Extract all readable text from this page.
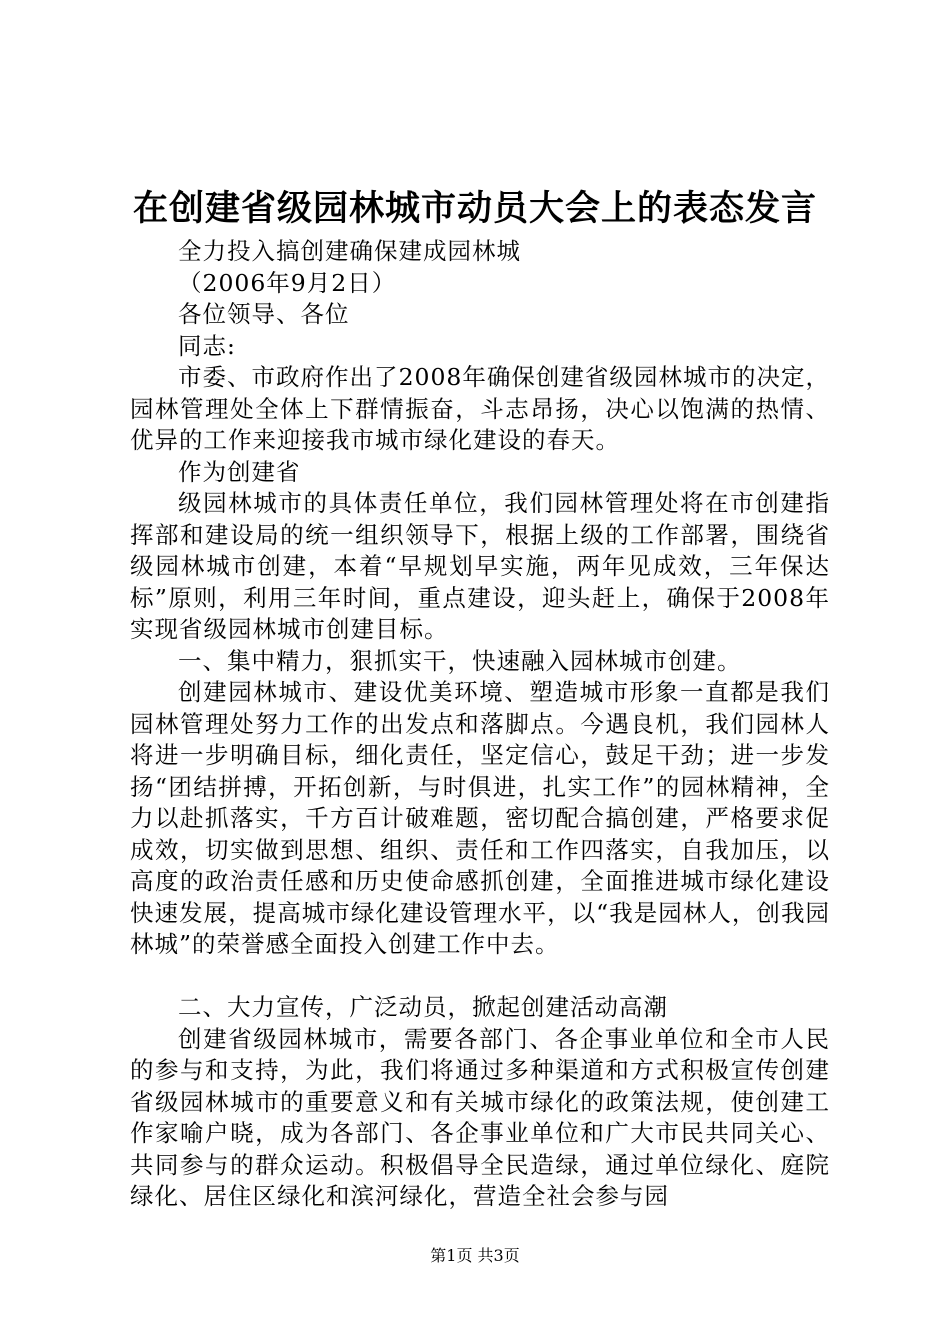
在创建省级园林城市动员大会上的表态发言

全力投入搞创建确保建成园林城

（2006年9月2日）

各位领导、各位

同志:

市委、市政府作出了2008年确保创建省级园林城市的决定，园林管理处全体上下群情振奋，斗志昂扬，决心以饱满的热情、优异的工作来迎接我市城市绿化建设的春天。

作为创建省

级园林城市的具体责任单位，我们园林管理处将在市创建指挥部和建设局的统一组织领导下，根据上级的工作部署，围绕省级园林城市创建，本着“早规划早实施，两年见成效，三年保达标”原则，利用三年时间，重点建设，迎头赶上，确保于2008年实现省级园林城市创建目标。

一、集中精力，狠抓实干，快速融入园林城市创建。

创建园林城市、建设优美环境、塑造城市形象一直都是我们园林管理处努力工作的出发点和落脚点。今遇良机，我们园林人将进一步明确目标，细化责任，坚定信心，鼓足干劲；进一步发扬“团结拼搏，开拓创新，与时俱进，扎实工作”的园林精神，全力以赴抓落实，千方百计破难题，密切配合搞创建，严格要求促成效，切实做到思想、组织、责任和工作四落实，自我加压，以高度的政治责任感和历史使命感抓创建，全面推进城市绿化建设快速发展，提高城市绿化建设管理水平，以“我是园林人，创我园林城”的荣誉感全面投入创建工作中去。

二、大力宣传，广泛动员，掀起创建活动高潮

创建省级园林城市，需要各部门、各企事业单位和全市人民的参与和支持，为此，我们将通过多种渠道和方式积极宣传创建省级园林城市的重要意义和有关城市绿化的政策法规，使创建工作家喻户晓，成为各部门、各企事业单位和广大市民共同关心、共同参与的群众运动。积极倡导全民造绿，通过单位绿化、庭院绿化、居住区绿化和滨河绿化，营造全社会参与园

第1页 共3页
